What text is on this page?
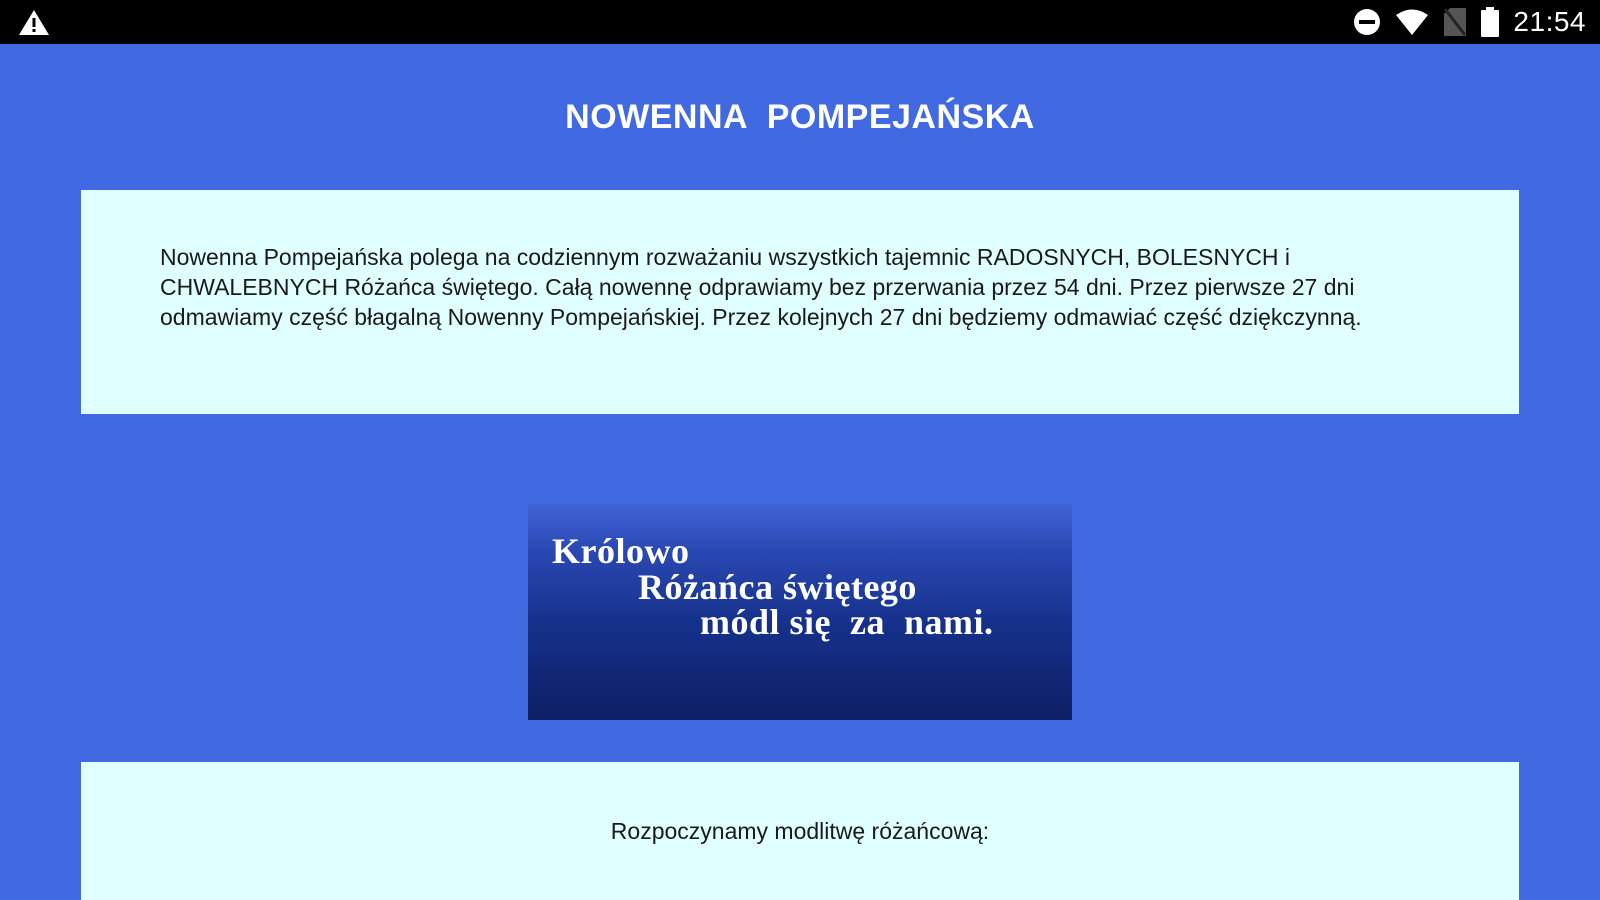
21:54
NOWENNA  POMPEJAŃSKA

Nowenna Pompejańska polega na codziennym rozważaniu wszystkich tajemnic RADOSNYCH, BOLESNYCH i CHWALEBNYCH Różańca świętego. Całą nowennę odprawiamy bez przerwania przez 54 dni. Przez pierwsze 27 dni odmawiamy część błagalną Nowenny Pompejańskiej. Przez kolejnych 27 dni będziemy odmawiać część dziękczynną.

Królowo
Różańca świętego
módl się  za  nami.

Rozpoczynamy modlitwę różańcową:
